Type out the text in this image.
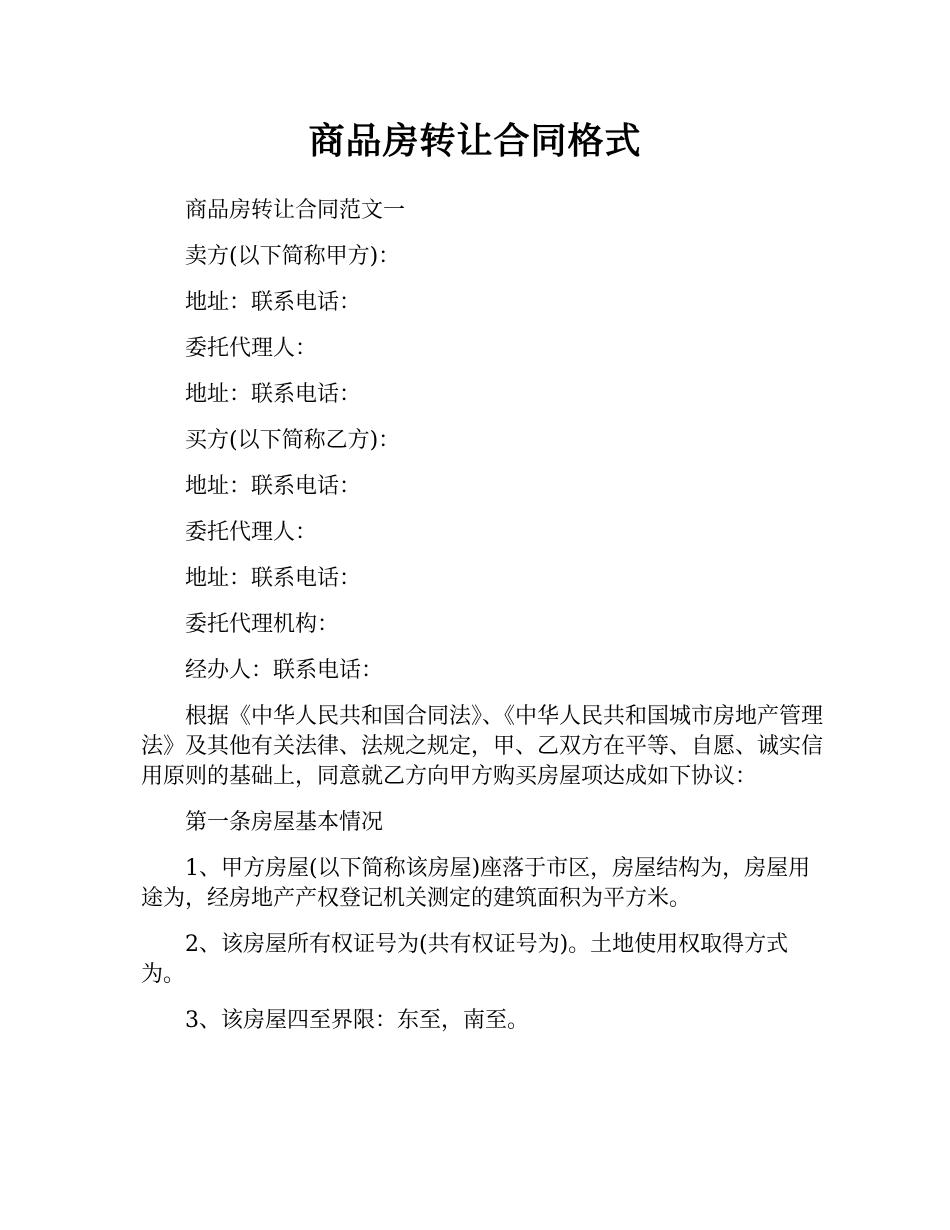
商品房转让合同格式

商品房转让合同范文一

卖方(以下简称甲方)：

地址：联系电话：

委托代理人：

地址：联系电话：

买方(以下简称乙方)：

地址：联系电话：

委托代理人：

地址：联系电话：

委托代理机构：

经办人：联系电话：

根据《中华人民共和国合同法》、《中华人民共和国城市房地产管理法》及其他有关法律、法规之规定，甲、乙双方在平等、自愿、诚实信用原则的基础上，同意就乙方向甲方购买房屋项达成如下协议：

第一条房屋基本情况

1、甲方房屋(以下简称该房屋)座落于市区，房屋结构为，房屋用途为，经房地产产权登记机关测定的建筑面积为平方米。

2、该房屋所有权证号为(共有权证号为)。土地使用权取得方式为。

3、该房屋四至界限：东至，南至。
